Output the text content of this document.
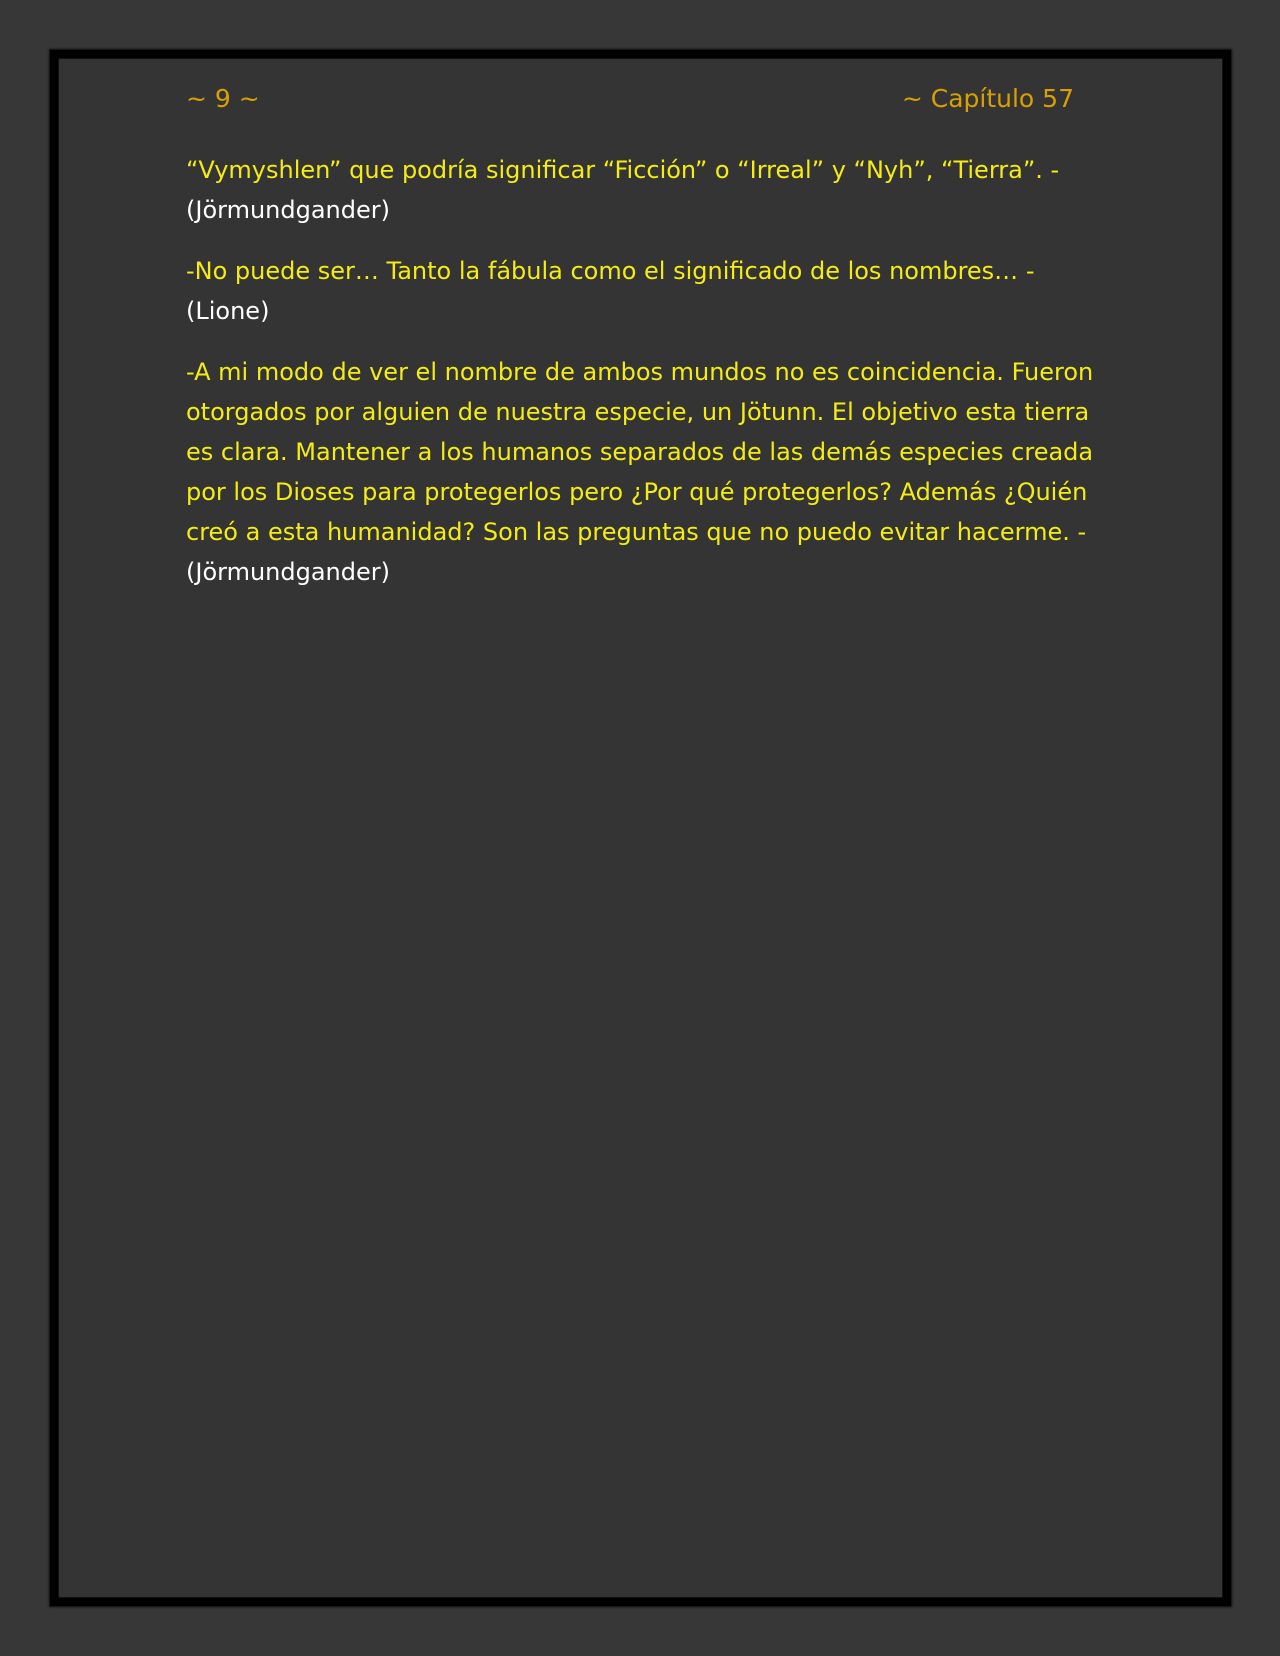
~ 9 ~	~ Capítulo 57

“Vymyshlen” que podría significar “Ficción” o “Irreal” y “Nyh”, “Tierra”. - (Jörmundgander)

-No puede ser… Tanto la fábula como el significado de los nombres… - (Lione)

-A mi modo de ver el nombre de ambos mundos no es coincidencia. Fueron otorgados por alguien de nuestra especie, un Jötunn. El objetivo esta tierra es clara. Mantener a los humanos separados de las demás especies creada por los Dioses para protegerlos pero ¿Por qué protegerlos? Además ¿Quién creó a esta humanidad? Son las preguntas que no puedo evitar hacerme. - (Jörmundgander)
